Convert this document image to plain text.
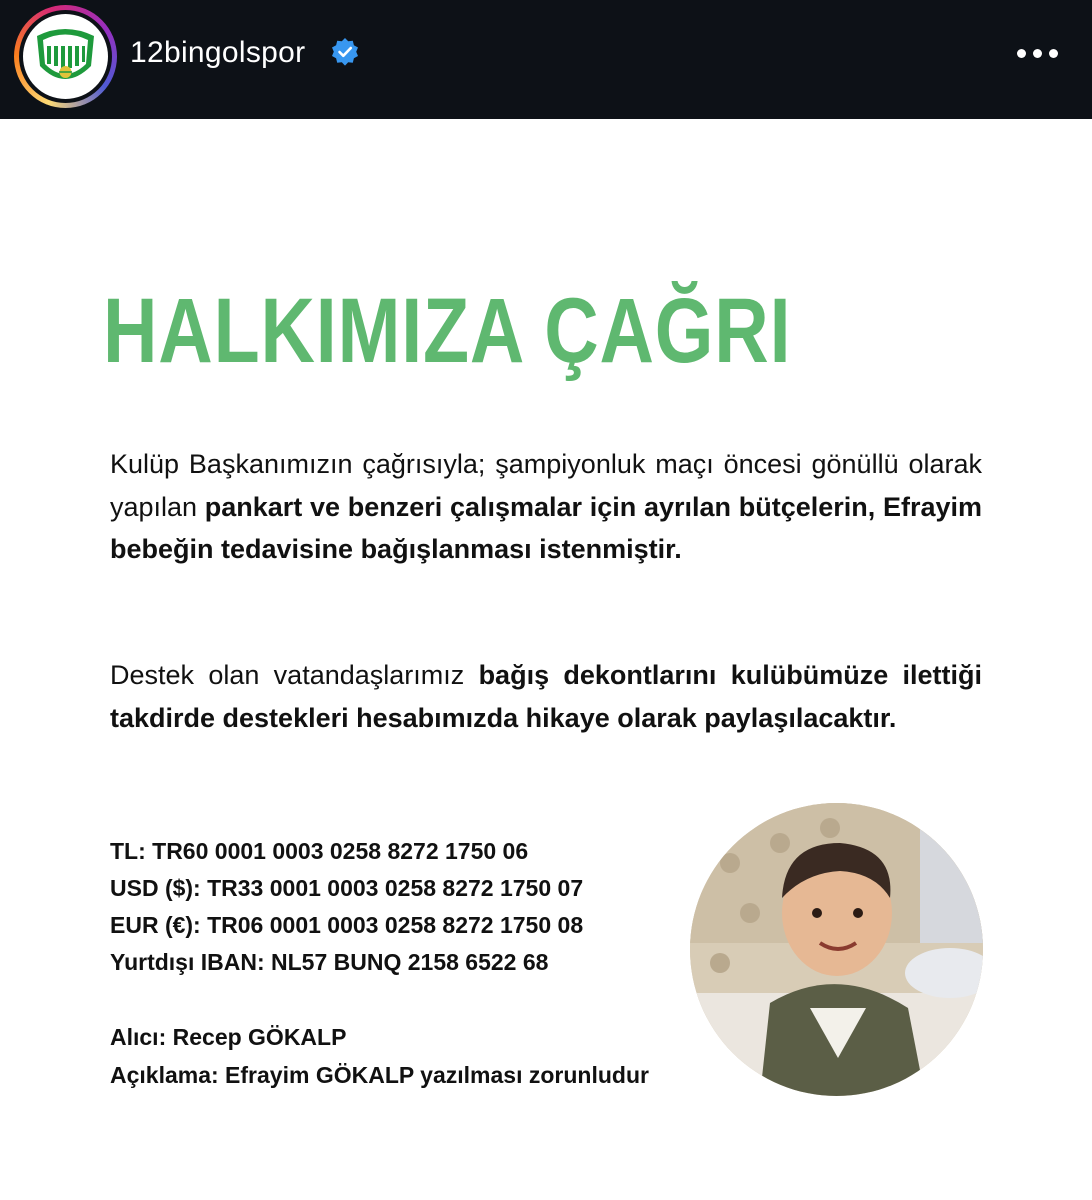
12bingolspor
HALKIMIZA ÇAĞRI

Kulüp Başkanımızın çağrısıyla; şampiyonluk maçı öncesi gönüllü olarak yapılan pankart ve benzeri çalışmalar için ayrılan bütçelerin, Efrayim bebeğin tedavisine bağışlanması istenmiştir.

Destek olan vatandaşlarımız bağış dekontlarını kulübümüze ilettiği takdirde destekleri hesabımızda hikaye olarak paylaşılacaktır.

TL: TR60 0001 0003 0258 8272 1750 06
USD ($): TR33 0001 0003 0258 8272 1750 07
EUR (€): TR06 0001 0003 0258 8272 1750 08
Yurtdışı IBAN: NL57 BUNQ 2158 6522 68
Alıcı: Recep GÖKALP
Açıklama: Efrayim GÖKALP yazılması zorunludur
